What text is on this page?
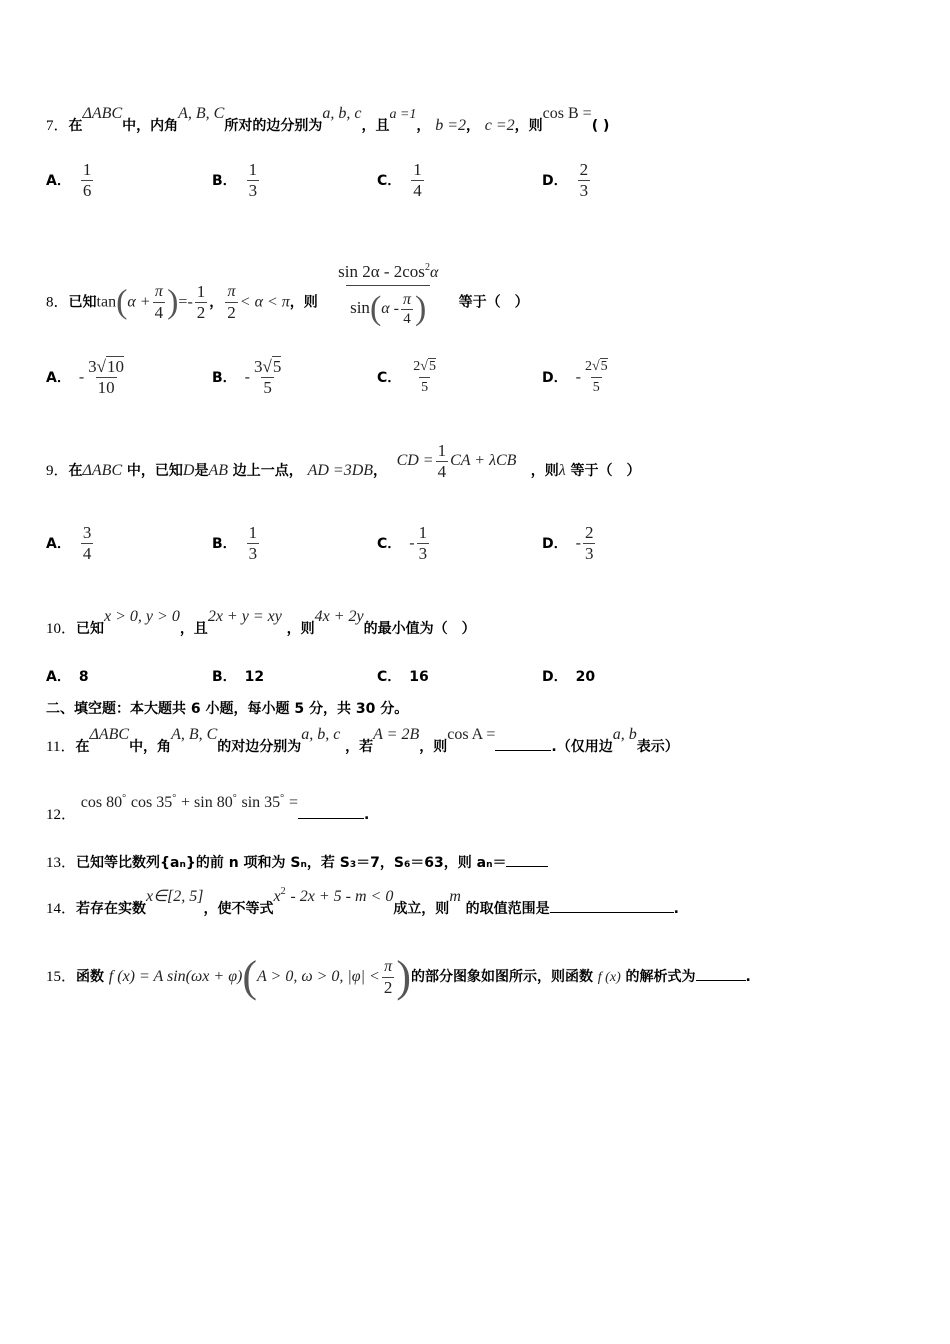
7．在ΔABC中，内角A, B, C所对的边分别为a, b, c，且a =1， b =2， c =2，则cos B =( )
A． $\frac{1}{6}$	B． $\frac{1}{3}$	C． $\frac{1}{4}$	D． $\frac{2}{3}$
8．已知$\tan(\alpha + \frac{\pi}{4}$ )=- $\frac{1}{2}$ ， $\frac{\pi}{2} < \alpha < \pi$，则 $\frac{\sin 2\alpha - 2\cos^2\alpha}{\sin(\alpha - \frac{\pi}{4} )}$ 等于（　）
A． - $\frac{3√10}{10}$	B． - $\frac{3√5}{5}$	C． $\frac{2√5}{5}$	D． - $\frac{2√5}{5}$
9．在ΔABC 中，已知D是AB 边上一点， AD =3DB，  CD = $\frac{1}{4}$ CA + λCB   ，则λ 等于（　）
A． $\frac{3}{4}$	B． $\frac{1}{3}$	C． - $\frac{1}{3}$	D． - $\frac{2}{3}$
10．已知x > 0, y > 0，且2x + y = xy ，则4x + 2y的最小值为（　）
A． 8	B． 12	C． 16	D． 20
二、填空题：本大题共 6 小题，每小题 5 分，共 30 分。
11．在ΔABC中，角A, B, C的对边分别为a, b, c ，若A = 2B，则cos A =.（仅用边a, b表示）
12． cos 80° cos 35° + sin 80° sin 35° =.
13．已知等比数列{an}的前 n 项和为 Sn，若 S3＝7，S6＝63，则 an＝
14．若存在实数x∈[2, 5]，使不等式$x^2 - 2x + 5 - m < 0$成立，则m 的取值范围是	.
15．函数 f (x) = A sin(ωx + φ)(A > 0, ω > 0, $|\varphi| < \frac{\pi}{2}$ )的部分图象如图所示，则函数 f (x) 的解析式为	.
